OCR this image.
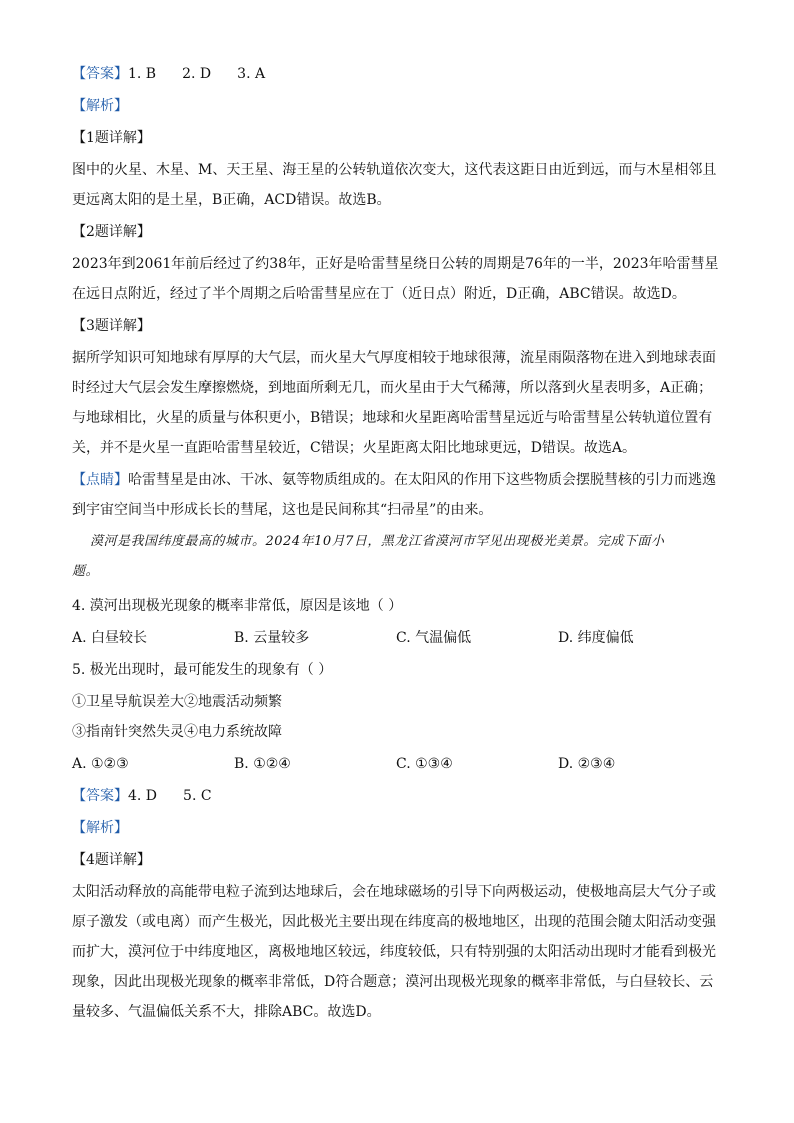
【答案】1. B 2. D 3. A
【解析】
【1题详解】
图中的火星、木星、M、天王星、海王星的公转轨道依次变大，这代表这距日由近到远，而与木星相邻且
更远离太阳的是土星，B正确，ACD错误。故选B。
【2题详解】
2023年到2061年前后经过了约38年，正好是哈雷彗星绕日公转的周期是76年的一半，2023年哈雷彗星
在远日点附近，经过了半个周期之后哈雷彗星应在丁（近日点）附近，D正确，ABC错误。故选D。
【3题详解】
据所学知识可知地球有厚厚的大气层，而火星大气厚度相较于地球很薄，流星雨陨落物在进入到地球表面
时经过大气层会发生摩擦燃烧，到地面所剩无几，而火星由于大气稀薄，所以落到火星表明多，A正确；
与地球相比，火星的质量与体积更小，B错误；地球和火星距离哈雷彗星远近与哈雷彗星公转轨道位置有
关，并不是火星一直距哈雷彗星较近，C错误；火星距离太阳比地球更远，D错误。故选A。
【点睛】哈雷彗星是由冰、干冰、氨等物质组成的。在太阳风的作用下这些物质会摆脱彗核的引力而逃逸
到宇宙空间当中形成长长的彗尾，这也是民间称其“扫帚星”的由来。
漠河是我国纬度最高的城市。2024年10月7日，黑龙江省漠河市罕见出现极光美景。完成下面小
题。
4. 漠河出现极光现象的概率非常低，原因是该地（ ）
A. 白昼较长	B. 云量较多	C. 气温偏低	D. 纬度偏低
5. 极光出现时，最可能发生的现象有（ ）
①卫星导航误差大②地震活动频繁
③指南针突然失灵④电力系统故障
A. ①②③	B. ①②④	C. ①③④	D. ②③④
【答案】4. D 5. C
【解析】
【4题详解】
太阳活动释放的高能带电粒子流到达地球后，会在地球磁场的引导下向两极运动，使极地高层大气分子或
原子激发（或电离）而产生极光，因此极光主要出现在纬度高的极地地区，出现的范围会随太阳活动变强
而扩大，漠河位于中纬度地区，离极地地区较远，纬度较低，只有特别强的太阳活动出现时才能看到极光
现象，因此出现极光现象的概率非常低，D符合题意；漠河出现极光现象的概率非常低，与白昼较长、云
量较多、气温偏低关系不大，排除ABC。故选D。
